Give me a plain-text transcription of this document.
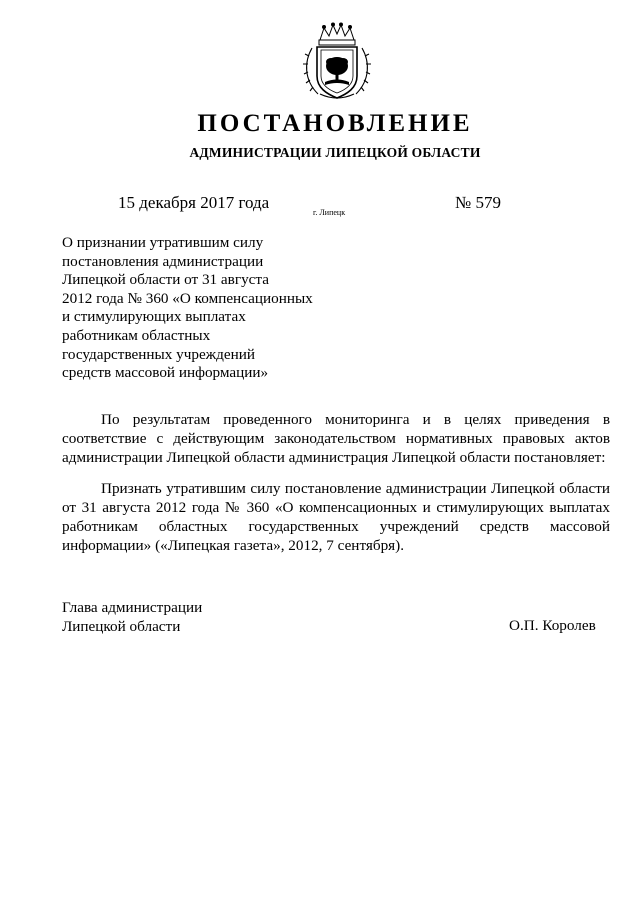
ПОСТАНОВЛЕНИЕ
АДМИНИСТРАЦИИ ЛИПЕЦКОЙ ОБЛАСТИ
15 декабря 2017 года
г. Липецк
№ 579
О признании утратившим силу
постановления администрации
Липецкой области от 31 августа
2012 года № 360 «О компенсационных
и стимулирующих выплатах
работникам областных
государственных учреждений
средств массовой информации»
По результатам проведенного мониторинга и в целях приведения в
соответствие с действующим законодательством нормативных правовых актов
администрации Липецкой области администрация Липецкой области постановляет:
Признать утратившим силу постановление администрации Липецкой области
от 31 августа 2012 года № 360 «О компенсационных и стимулирующих выплатах
работникам областных государственных учреждений средств массовой
информации» («Липецкая газета», 2012, 7 сентября).
Глава администрации
Липецкой области	О.П. Королев
